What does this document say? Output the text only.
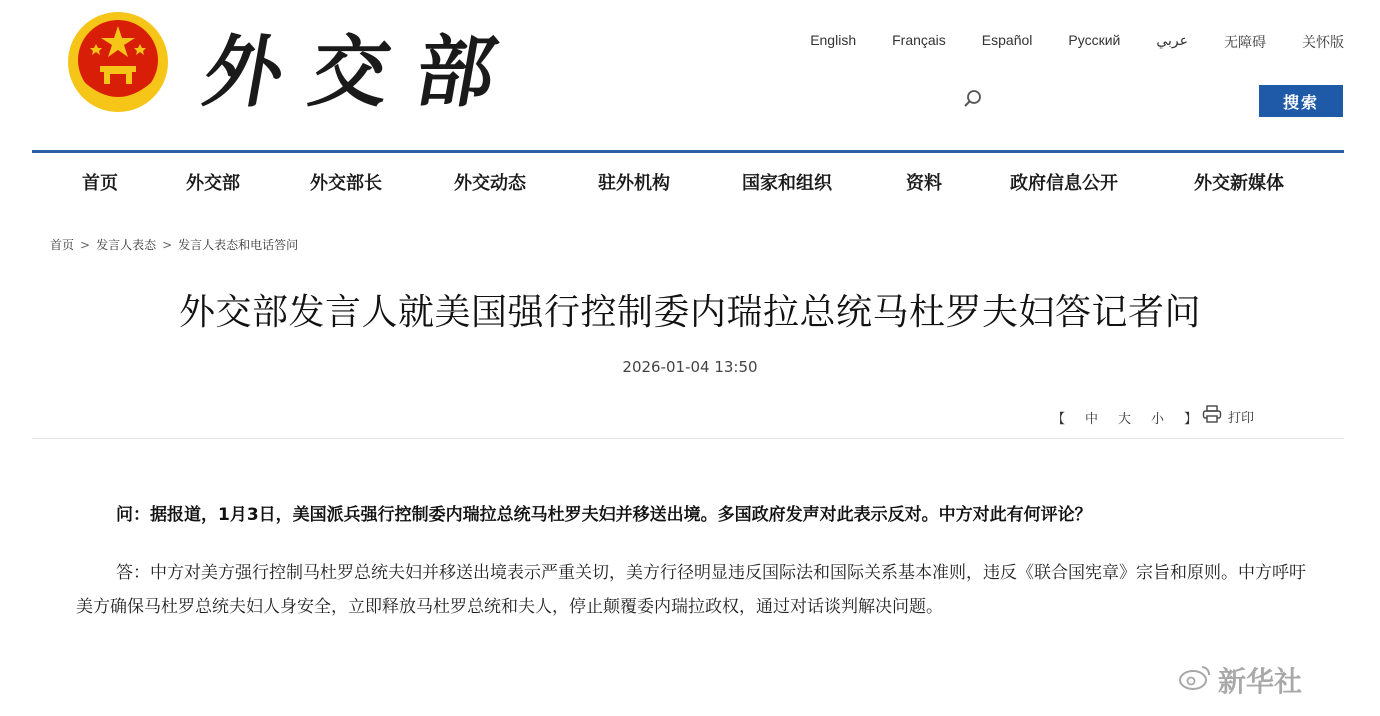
外交部	English	Français	Español	Русский	عربي	无障碍	关怀版
搜索
首页	外交部	外交部长	外交动态	驻外机构	国家和组织	资料	政府信息公开	外交新媒体
首页 > 发言人表态 > 发言人表态和电话答问
外交部发言人就美国强行控制委内瑞拉总统马杜罗夫妇答记者问
2026-01-04 13:50
【 中 大 小 】 打印
问：据报道，1月3日，美国派兵强行控制委内瑞拉总统马杜罗夫妇并移送出境。多国政府发声对此表示反对。中方对此有何评论？
答：中方对美方强行控制马杜罗总统夫妇并移送出境表示严重关切，美方行径明显违反国际法和国际关系基本准则，违反《联合国宪章》宗旨和原则。中方呼吁美方确保马杜罗总统夫妇人身安全，立即释放马杜罗总统和夫人，停止颠覆委内瑞拉政权，通过对话谈判解决问题。
新华社
